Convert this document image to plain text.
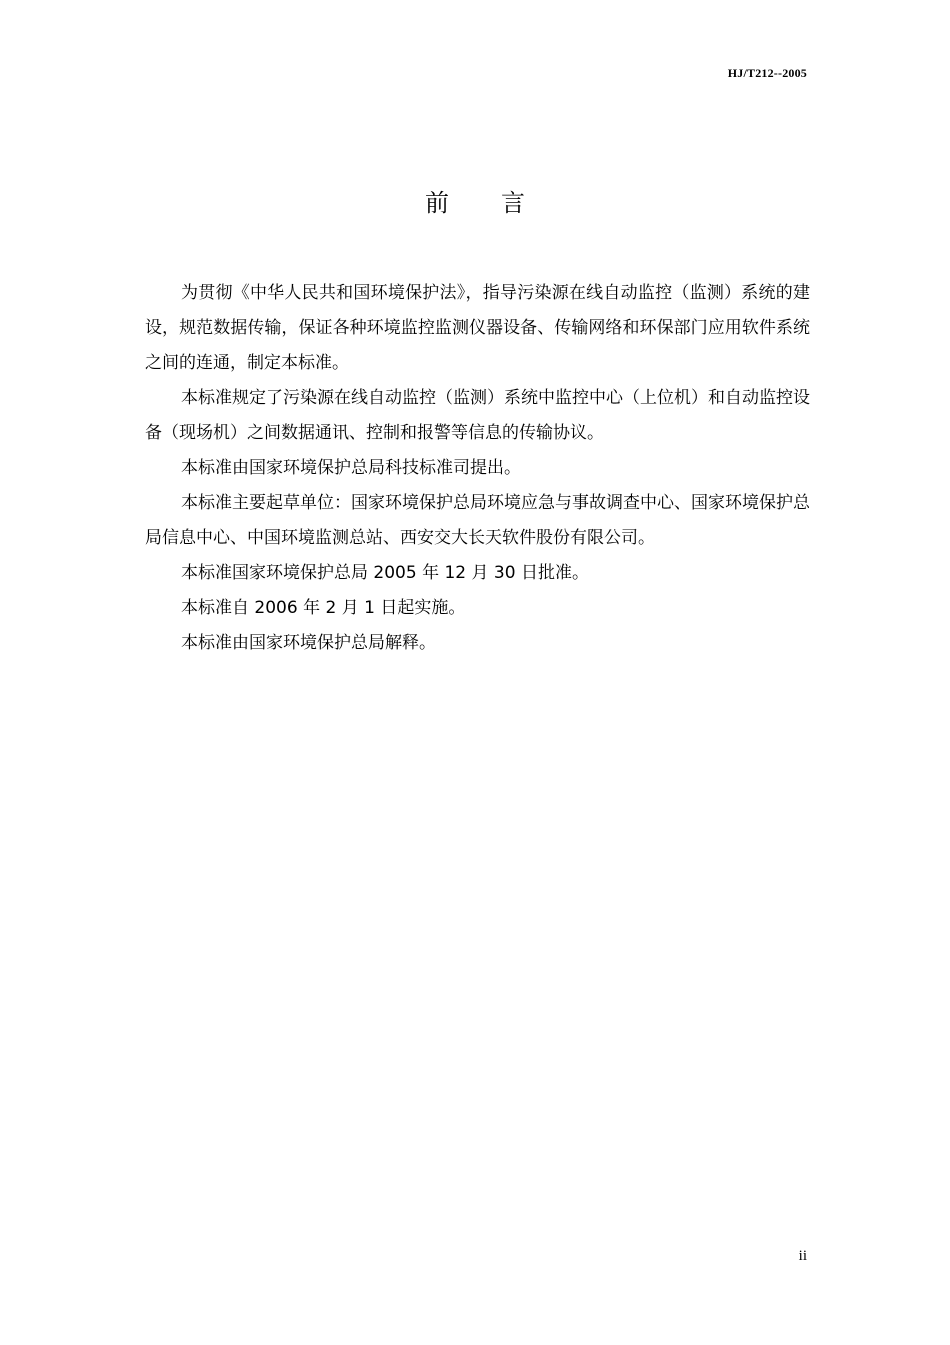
HJ/T212--2005
前 言

为贯彻《中华人民共和国环境保护法》，指导污染源在线自动监控（监测）系统的建设，规范数据传输，保证各种环境监控监测仪器设备、传输网络和环保部门应用软件系统之间的连通，制定本标准。

本标准规定了污染源在线自动监控（监测）系统中监控中心（上位机）和自动监控设备（现场机）之间数据通讯、控制和报警等信息的传输协议。

本标准由国家环境保护总局科技标准司提出。

本标准主要起草单位：国家环境保护总局环境应急与事故调查中心、国家环境保护总局信息中心、中国环境监测总站、西安交大长天软件股份有限公司。

本标准国家环境保护总局 2005 年 12 月 30 日批准。

本标准自 2006 年 2 月 1 日起实施。

本标准由国家环境保护总局解释。

ii
